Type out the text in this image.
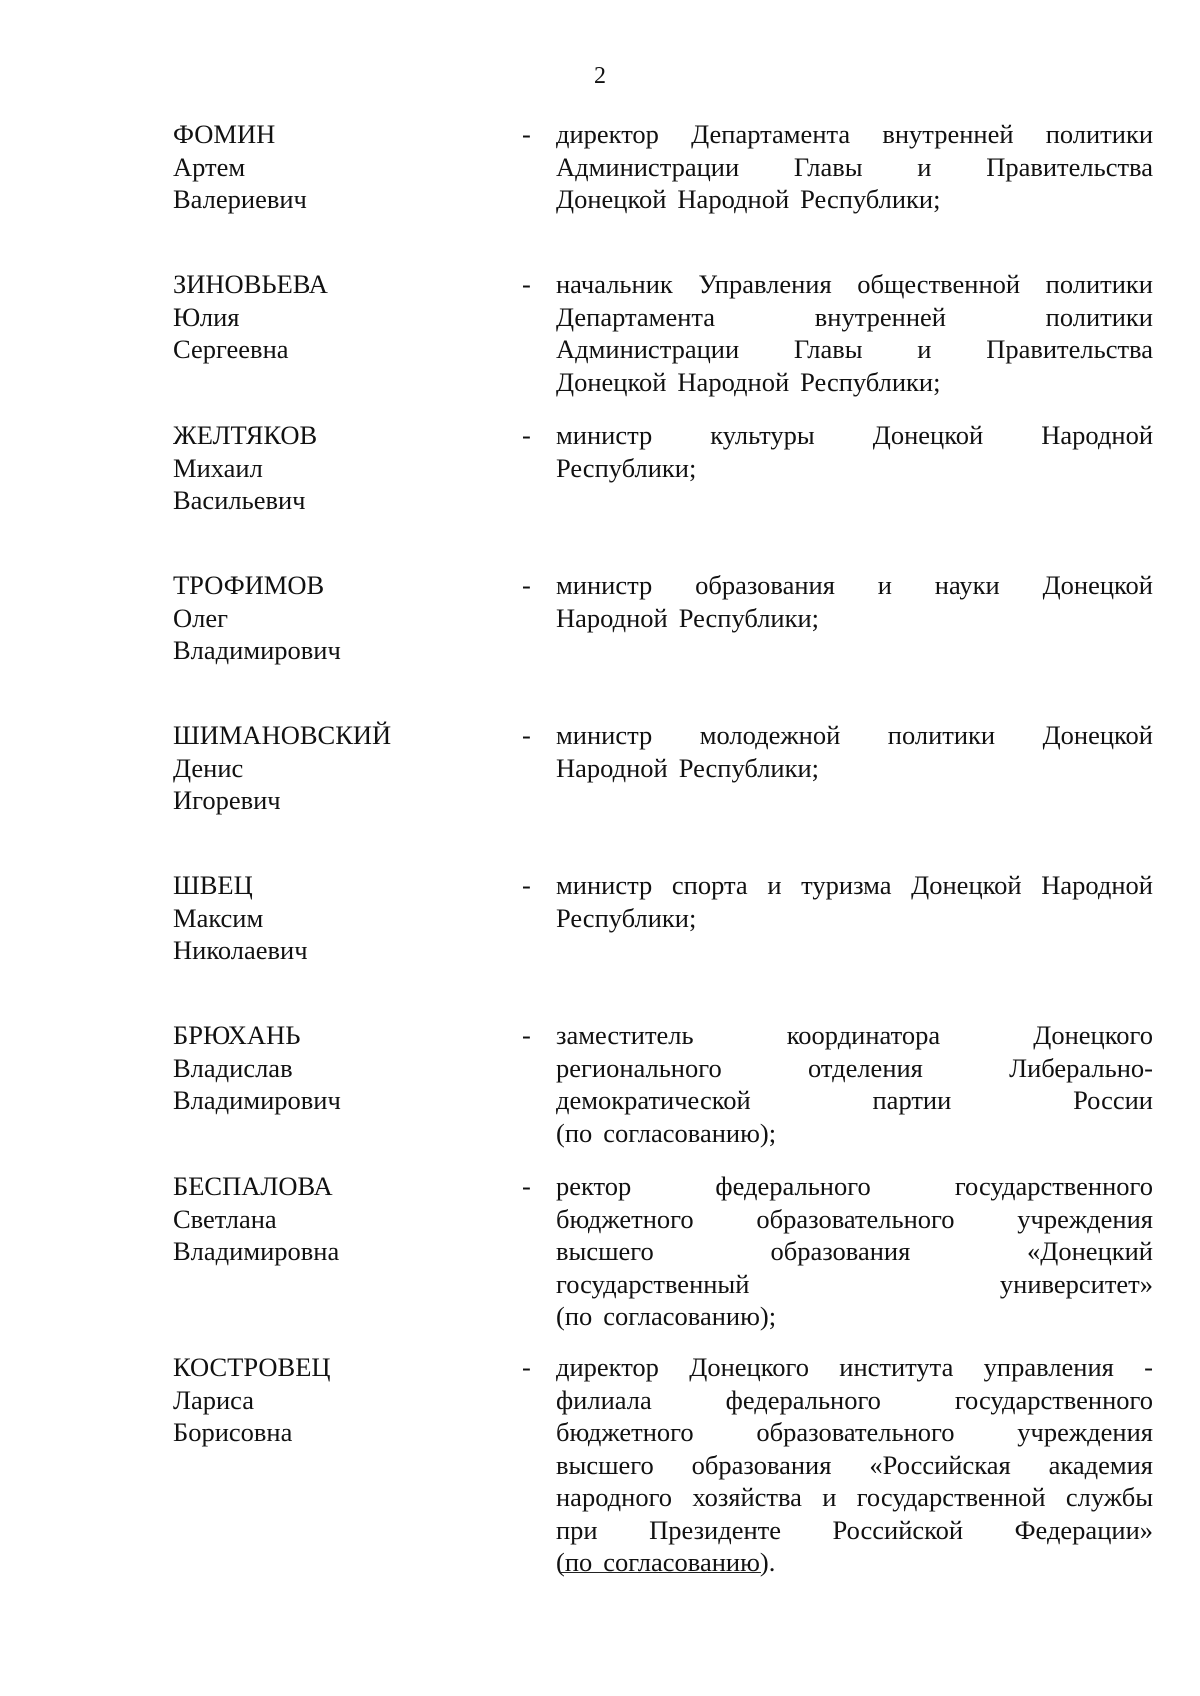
2
ФОМИН
Артем
Валериевич
- директор Департамента внутренней политики
Администрации Главы и Правительства
Донецкой Народной Республики;
ЗИНОВЬЕВА
Юлия
Сергеевна
- начальник Управления общественной политики
Департамента	внутренней	политики
Администрации Главы и Правительства
Донецкой Народной Республики;
ЖЕЛТЯКОВ
Михаил
Васильевич
- министр культуры Донецкой Народной
Республики;
ТРОФИМОВ
Олег
Владимирович
- министр образования и науки Донецкой
Народной Республики;
ШИМАНОВСКИЙ
Денис
Игоревич
- министр молодежной политики Донецкой
Народной Республики;
ШВЕЦ
Максим
Николаевич
- министр спорта и туризма Донецкой Народной
Республики;
БРЮХАНЬ
Владислав
Владимирович
- заместитель	координатора	Донецкого
регионального	отделения	Либерально-
демократической	партии	России
(по согласованию);
БЕСПАЛОВА
Светлана
Владимировна
- ректор	федерального	государственного
бюджетного образовательного учреждения
высшего	образования	«Донецкий
государственный	университет»
(по согласованию);
КОСТРОВЕЦ
Лариса
Борисовна
- директор Донецкого института управления -
филиала	федерального	государственного
бюджетного образовательного учреждения
высшего образования «Российская академия
народного хозяйства и государственной службы
при Президенте Российской Федерации»
(по согласованию).
